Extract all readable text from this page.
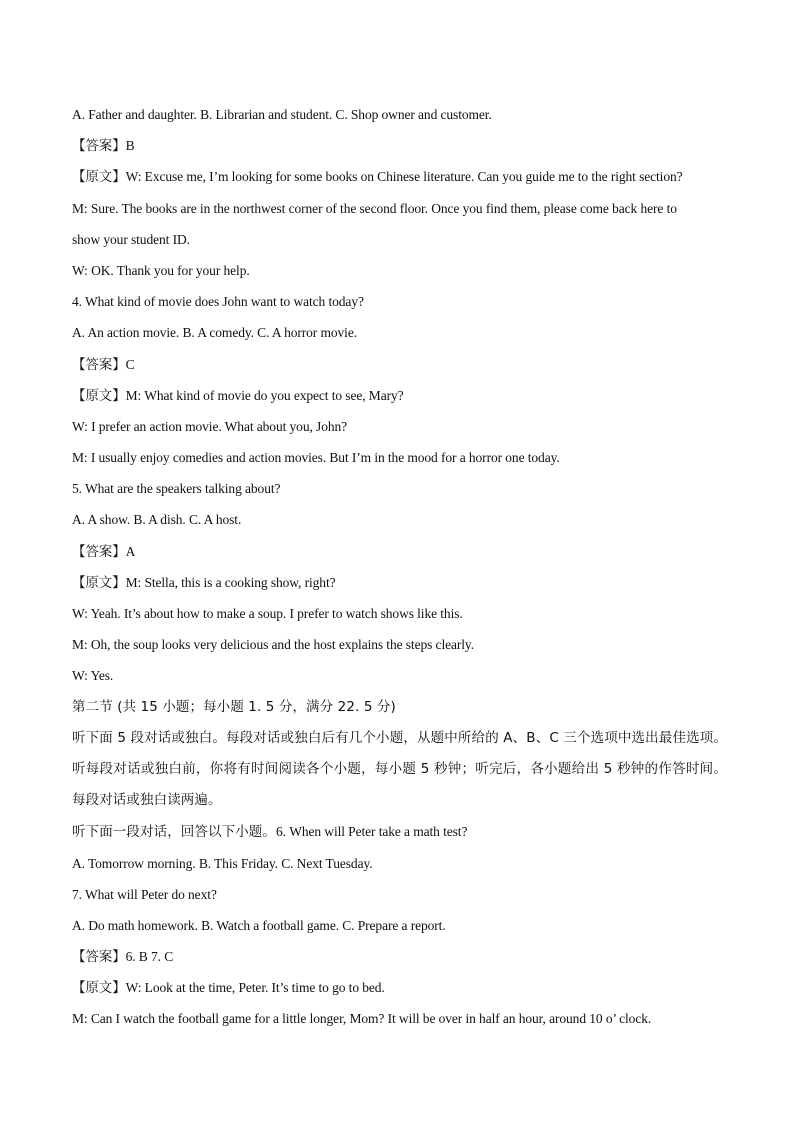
A. Father and daughter. B. Librarian and student. C. Shop owner and customer.
【答案】B
【原文】W: Excuse me, I’m looking for some books on Chinese literature. Can you guide me to the right section?
M: Sure. The books are in the northwest corner of the second floor. Once you find them, please come back here to
show your student ID.
W: OK. Thank you for your help.
4. What kind of movie does John want to watch today?
A. An action movie. B. A comedy. C. A horror movie.
【答案】C
【原文】M: What kind of movie do you expect to see, Mary?
W: I prefer an action movie. What about you, John?
M: I usually enjoy comedies and action movies. But I’m in the mood for a horror one today.
5. What are the speakers talking about?
A. A show. B. A dish. C. A host.
【答案】A
【原文】M: Stella, this is a cooking show, right?
W: Yeah. It’s about how to make a soup. I prefer to watch shows like this.
M: Oh, the soup looks very delicious and the host explains the steps clearly.
W: Yes.
第二节 (共 15 小题；每小题 1. 5 分，满分 22. 5 分)
听下面 5 段对话或独白。每段对话或独白后有几个小题，从题中所给的 A、B、C 三个选项中选出最佳选项。听每段对话或独白前，你将有时间阅读各个小题，每小题 5 秒钟；听完后，各小题给出 5 秒钟的作答时间。每段对话或独白读两遍。
听下面一段对话，回答以下小题。6. When will Peter take a math test?
A. Tomorrow morning. B. This Friday. C. Next Tuesday.
7. What will Peter do next?
A. Do math homework. B. Watch a football game. C. Prepare a report.
【答案】6. B 7. C
【原文】W: Look at the time, Peter. It’s time to go to bed.
M: Can I watch the football game for a little longer, Mom? It will be over in half an hour, around 10 o’ clock.
